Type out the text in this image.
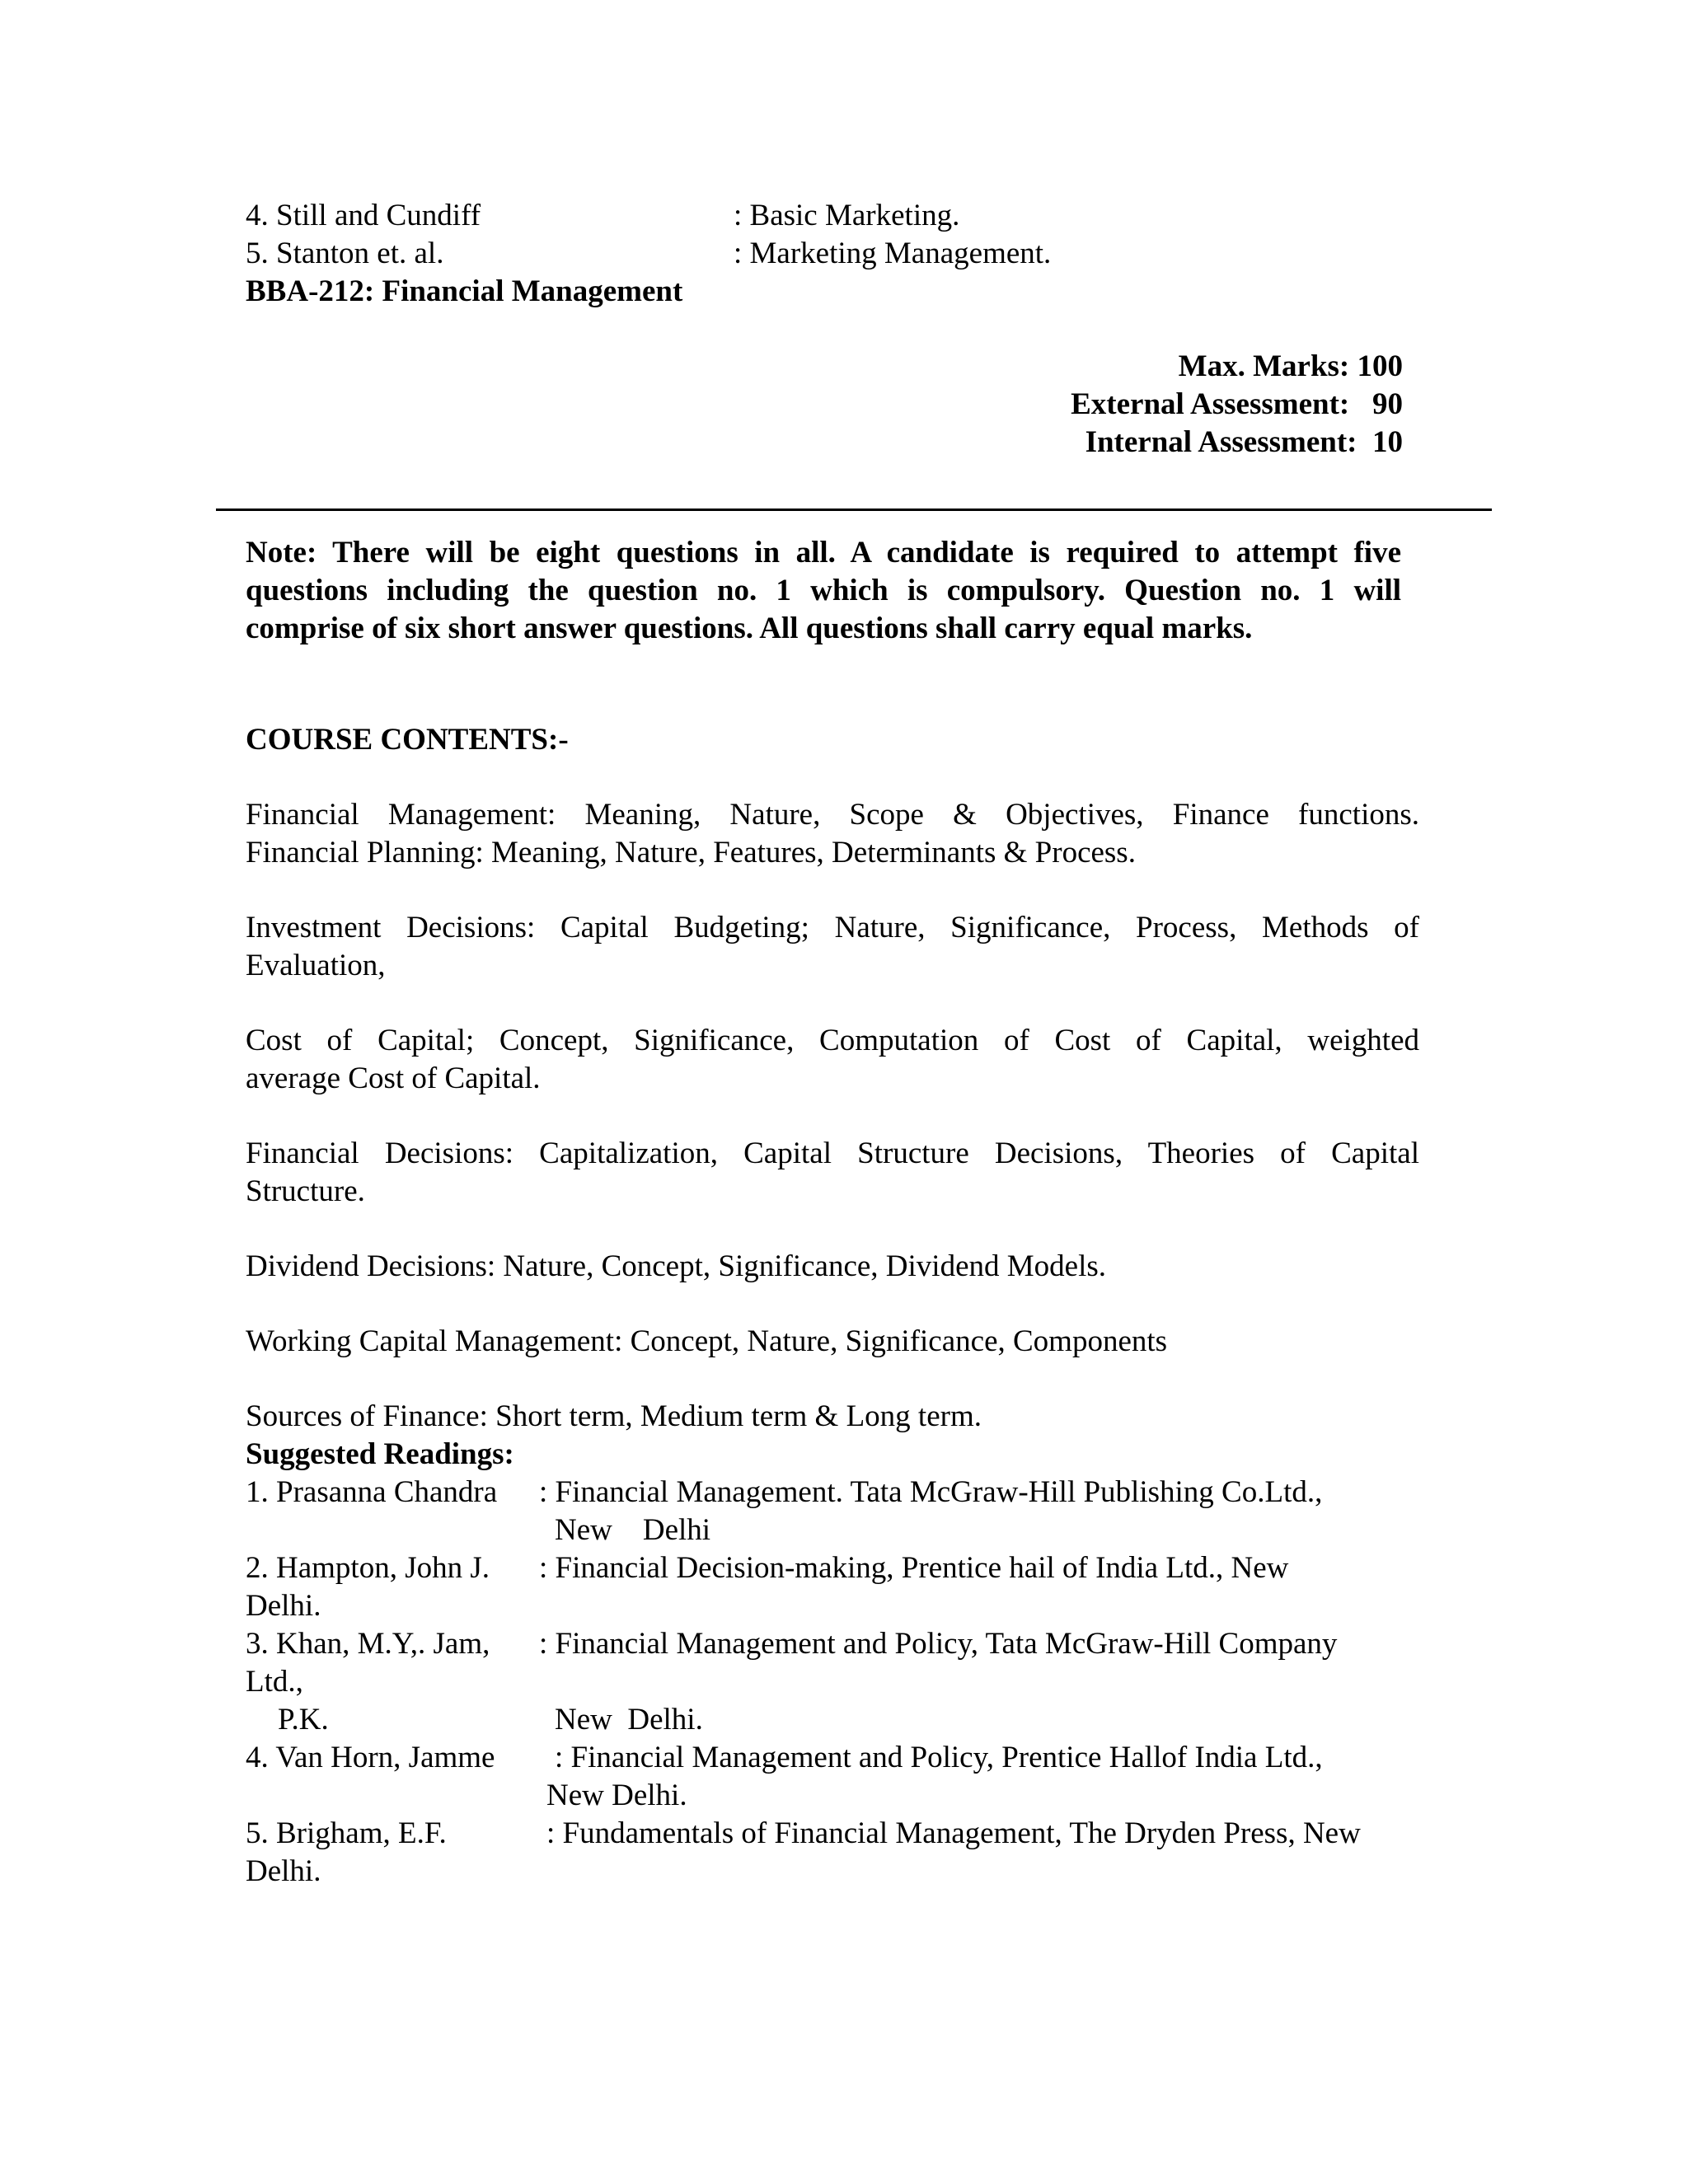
4. Still and Cundiff	: Basic Marketing.
5. Stanton et. al.	: Marketing Management.
BBA-212: Financial Management
Max. Marks: 100
External Assessment:   90
Internal Assessment:  10
Note: There will be eight questions in all. A candidate is required to attempt five
questions including the question no. 1 which is compulsory. Question no. 1 will
comprise of six short answer questions. All questions shall carry equal marks.
COURSE CONTENTS:-
Financial Management: Meaning, Nature, Scope & Objectives, Finance functions.
Financial Planning: Meaning, Nature, Features, Determinants & Process.
Investment Decisions: Capital Budgeting; Nature, Significance, Process, Methods of
Evaluation,
Cost of Capital; Concept, Significance, Computation of Cost of Capital, weighted
average Cost of Capital.
Financial Decisions: Capitalization, Capital Structure Decisions, Theories of Capital
Structure.
Dividend Decisions: Nature, Concept, Significance, Dividend Models.
Working Capital Management: Concept, Nature, Significance, Components
Sources of Finance: Short term, Medium term & Long term.
Suggested Readings:
1. Prasanna Chandra : Financial Management. Tata McGraw-Hill Publishing Co.Ltd.,
New    Delhi
2. Hampton, John J. : Financial Decision-making, Prentice hail of India Ltd., New
Delhi.
3. Khan, M.Y,. Jam, : Financial Management and Policy, Tata McGraw-Hill Company
Ltd.,
P.K.	New  Delhi.
4. Van Horn, Jamme : Financial Management and Policy, Prentice Hallof India Ltd.,
New Delhi.
5. Brigham, E.F.	: Fundamentals of Financial Management, The Dryden Press, New
Delhi.
